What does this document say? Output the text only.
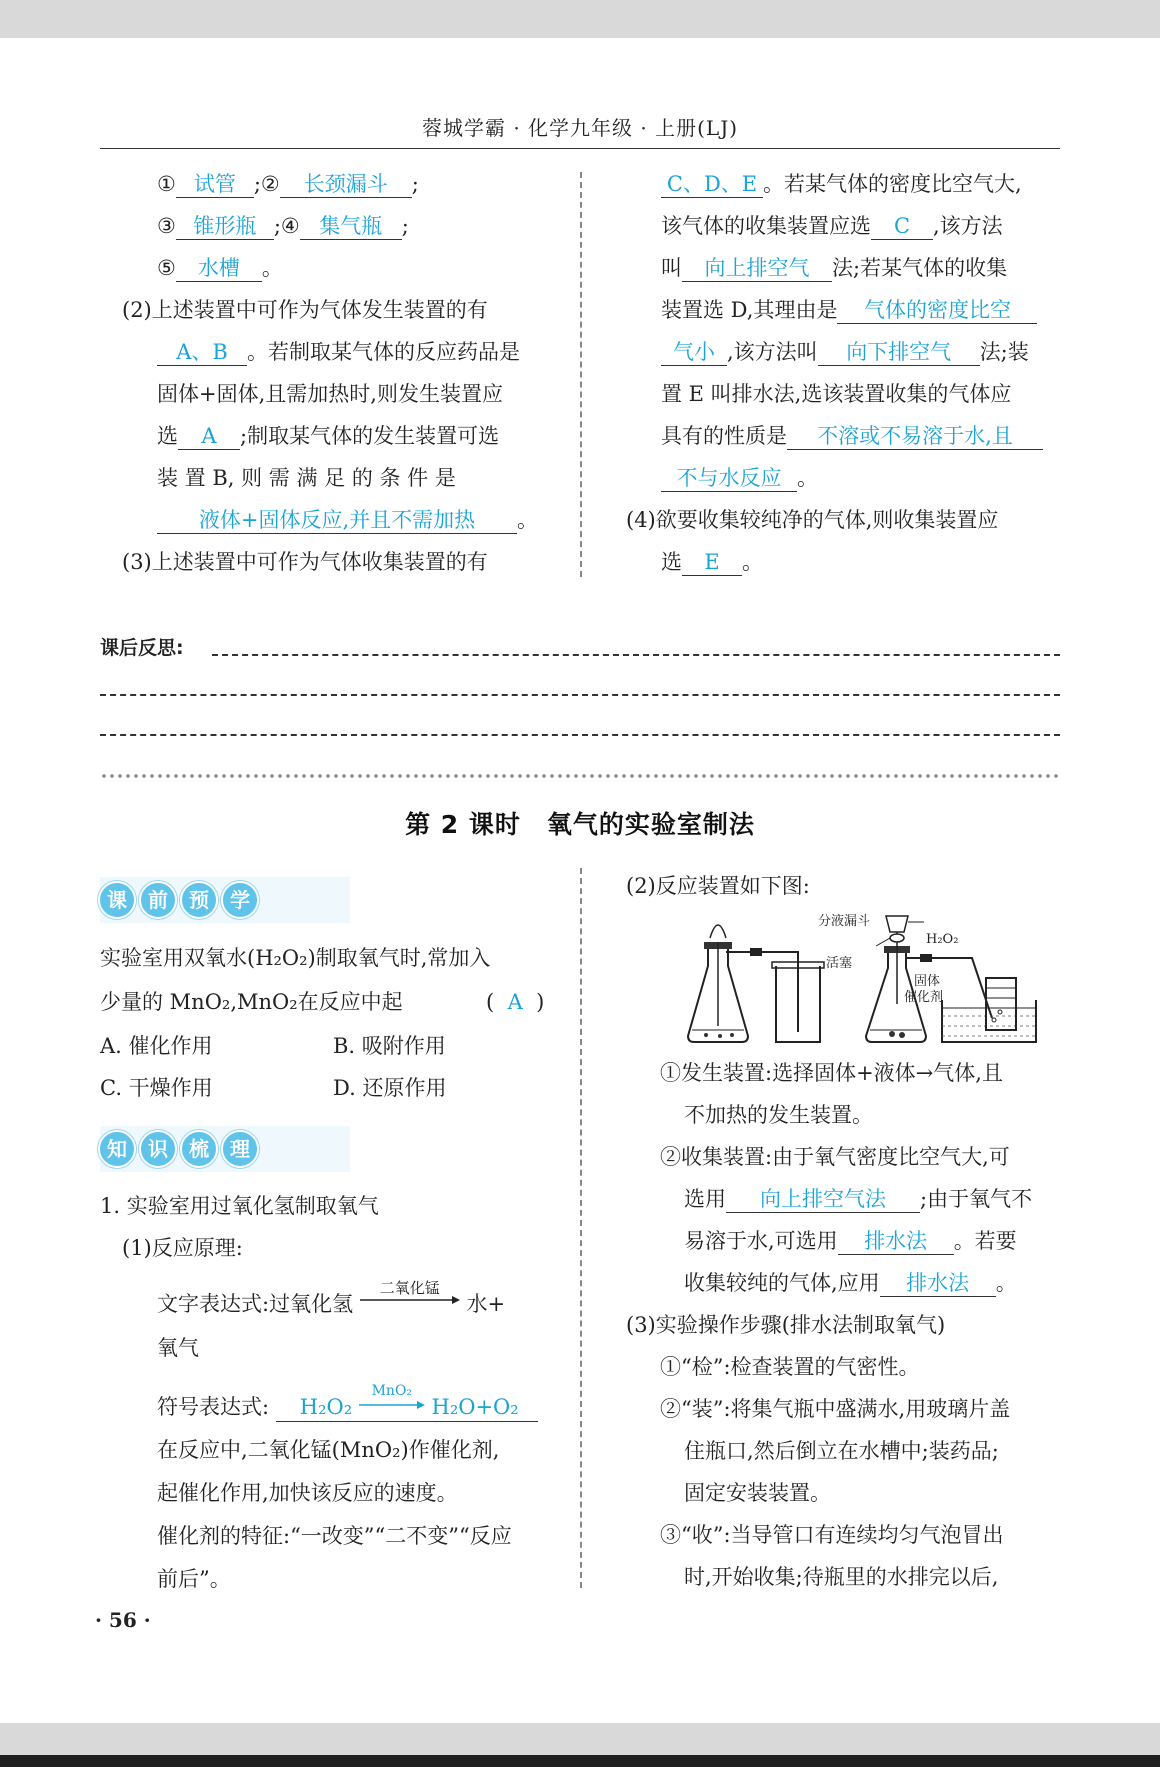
蓉城学霸 · 化学九年级 · 上册(LJ)
① 试管 ;② 长颈漏斗 ;
③ 锥形瓶 ;④ 集气瓶 ;
⑤ 水槽 。
(2)上述装置中可作为气体发生装置的有
A、B 。若制取某气体的反应药品是
固体+固体,且需加热时,则发生装置应
选 A ;制取某气体的发生装置可选
装 置 B, 则 需 满 足 的 条 件 是
液体+固体反应,并且不需加热 。
(3)上述装置中可作为气体收集装置的有
C、D、E 。若某气体的密度比空气大,
该气体的收集装置应选 C ,该方法
叫 向上排空气 法;若某气体的收集
装置选 D,其理由是 气体的密度比空
气小 ,该方法叫 向下排空气 法;装
置 E 叫排水法,选该装置收集的气体应
具有的性质是 不溶或不易溶于水,且
不与水反应 。
(4)欲要收集较纯净的气体,则收集装置应
选 E 。
课后反思:
第 2 课时　氧气的实验室制法
课	前	预	学
实验室用双氧水(H₂O₂)制取氧气时,常加入
少量的 MnO₂,MnO₂在反应中起	( A )
A. 催化作用	B. 吸附作用
C. 干燥作用	D. 还原作用
知	识	梳	理
1. 实验室用过氧化氢制取氧气
(1)反应原理:
文字表达式:过氧化氢
二氧化锰
水+
氧气
符号表达式: H₂O₂
MnO₂
H₂O+O₂
在反应中,二氧化锰(MnO₂)作催化剂,
起催化作用,加快该反应的速度。
催化剂的特征:“一改变”“二不变”“反应
前后”。
(2)反应装置如下图:
分液漏斗
H₂O₂
活塞
固体
催化剂
①发生装置:选择固体+液体→气体,且
不加热的发生装置。
②收集装置:由于氧气密度比空气大,可
选用 向上排空气法 ;由于氧气不
易溶于水,可选用 排水法 。若要
收集较纯的气体,应用 排水法 。
(3)实验操作步骤(排水法制取氧气)
①“检”:检查装置的气密性。
②“装”:将集气瓶中盛满水,用玻璃片盖
住瓶口,然后倒立在水槽中;装药品;
固定安装装置。
③“收”:当导管口有连续均匀气泡冒出
时,开始收集;待瓶里的水排完以后,
· 56 ·
